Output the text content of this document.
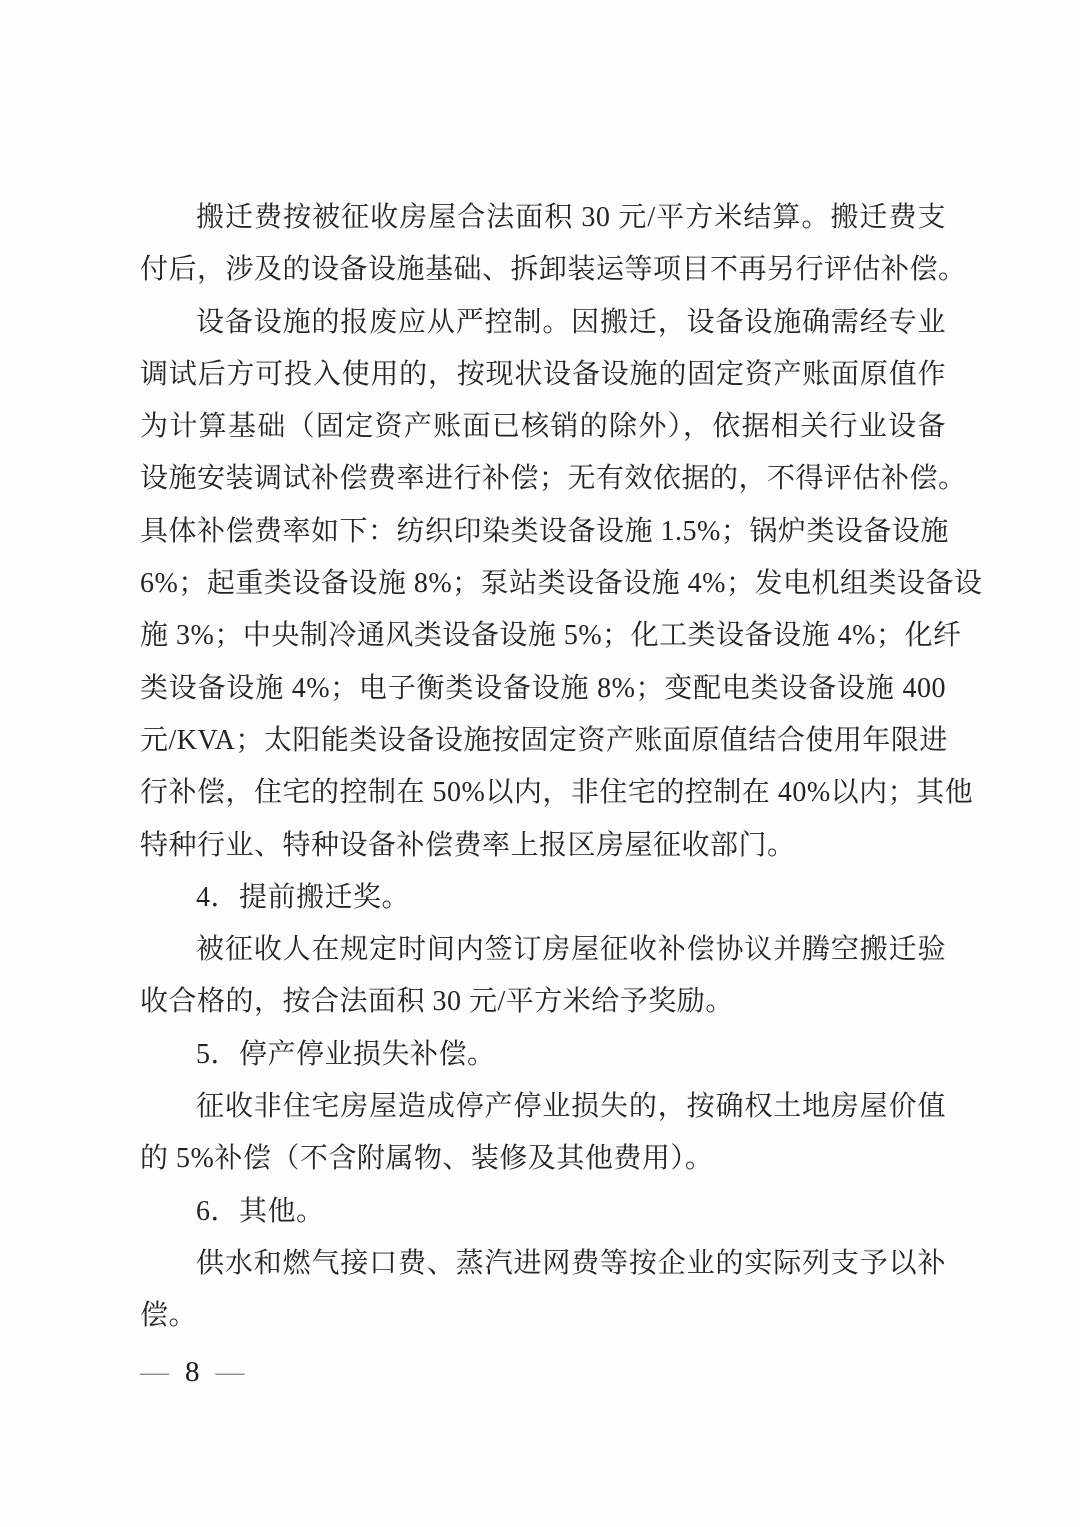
搬迁费按被征收房屋合法面积 30 元/平方米结算。搬迁费支
付后，涉及的设备设施基础、拆卸装运等项目不再另行评估补偿。
设备设施的报废应从严控制。因搬迁，设备设施确需经专业
调试后方可投入使用的，按现状设备设施的固定资产账面原值作
为计算基础（固定资产账面已核销的除外），依据相关行业设备
设施安装调试补偿费率进行补偿；无有效依据的，不得评估补偿。
具体补偿费率如下：纺织印染类设备设施 1.5%；锅炉类设备设施
6%；起重类设备设施 8%；泵站类设备设施 4%；发电机组类设备设
施 3%；中央制冷通风类设备设施 5%；化工类设备设施 4%；化纤
类设备设施 4%；电子衡类设备设施 8%；变配电类设备设施 400
元/KVA；太阳能类设备设施按固定资产账面原值结合使用年限进
行补偿，住宅的控制在 50%以内，非住宅的控制在 40%以内；其他
特种行业、特种设备补偿费率上报区房屋征收部门。
4．提前搬迁奖。
被征收人在规定时间内签订房屋征收补偿协议并腾空搬迁验
收合格的，按合法面积 30 元/平方米给予奖励。
5．停产停业损失补偿。
征收非住宅房屋造成停产停业损失的，按确权土地房屋价值
的 5%补偿（不含附属物、装修及其他费用）。
6．其他。
供水和燃气接口费、蒸汽进网费等按企业的实际列支予以补
偿。
— 8 —
